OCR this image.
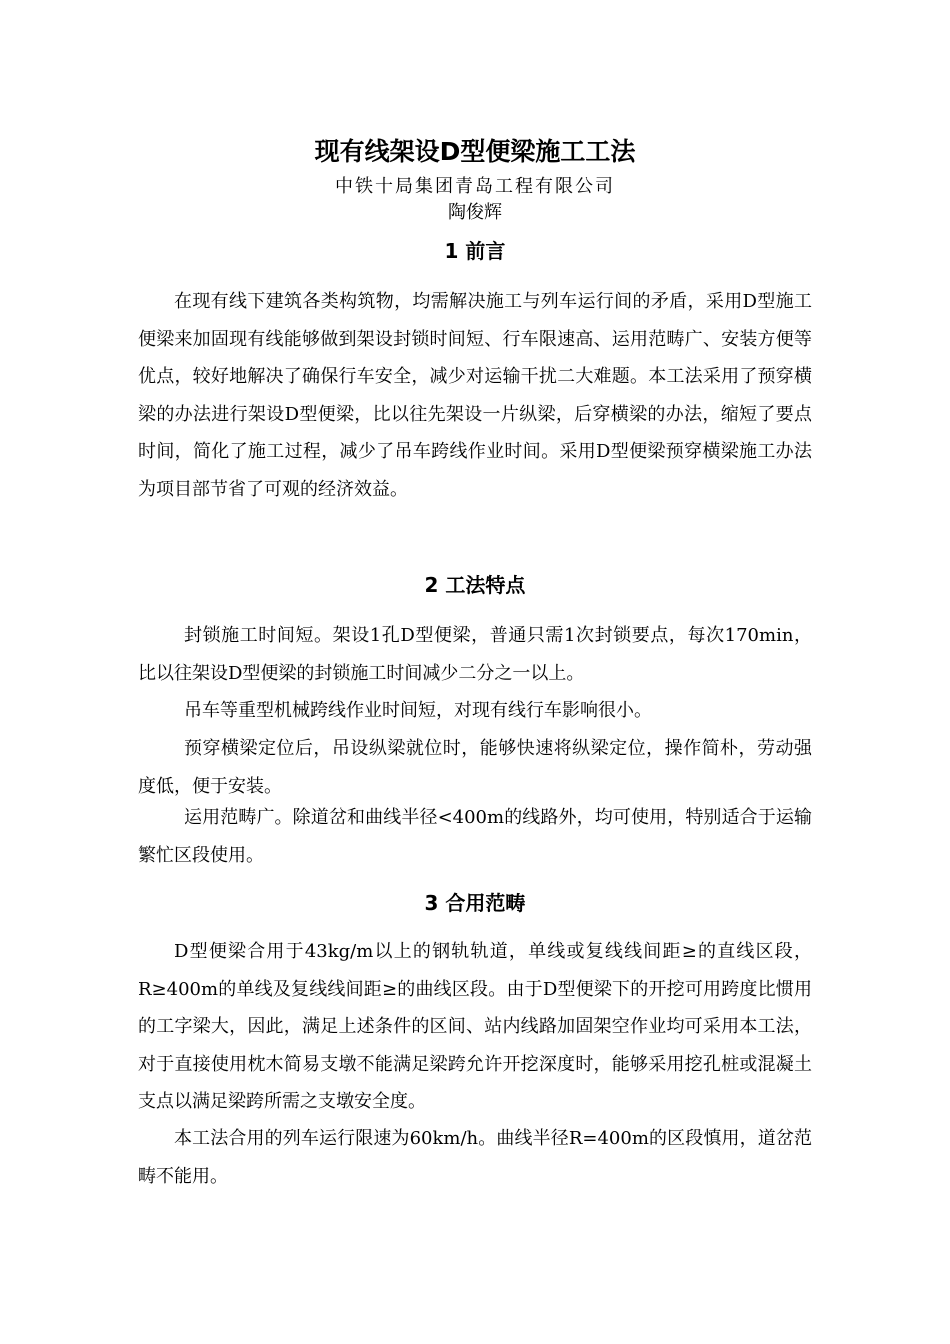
现有线架设D型便梁施工工法
中铁十局集团青岛工程有限公司
陶俊辉
1 前言

在现有线下建筑各类构筑物，均需解决施工与列车运行间的矛盾，采用D型施工便梁来加固现有线能够做到架设封锁时间短、行车限速高、运用范畴广、安装方便等优点，较好地解决了确保行车安全，减少对运输干扰二大难题。本工法采用了预穿横梁的办法进行架设D型便梁，比以往先架设一片纵梁，后穿横梁的办法，缩短了要点时间，简化了施工过程，减少了吊车跨线作业时间。采用D型便梁预穿横梁施工办法为项目部节省了可观的经济效益。

2 工法特点

封锁施工时间短。架设1孔D型便梁，普通只需1次封锁要点，每次170min，比以往架设D型便梁的封锁施工时间减少二分之一以上。

吊车等重型机械跨线作业时间短，对现有线行车影响很小。

预穿横梁定位后，吊设纵梁就位时，能够快速将纵梁定位，操作简朴，劳动强度低，便于安装。

运用范畴广。除道岔和曲线半径<400m的线路外，均可使用，特别适合于运输繁忙区段使用。

3 合用范畴

D型便梁合用于43kg/m以上的钢轨轨道，单线或复线线间距≥的直线区段，R≥400m的单线及复线线间距≥的曲线区段。由于D型便梁下的开挖可用跨度比惯用的工字梁大，因此，满足上述条件的区间、站内线路加固架空作业均可采用本工法，对于直接使用枕木简易支墩不能满足梁跨允许开挖深度时，能够采用挖孔桩或混凝土支点以满足梁跨所需之支墩安全度。

本工法合用的列车运行限速为60km/h。曲线半径R=400m的区段慎用，道岔范畴不能用。
